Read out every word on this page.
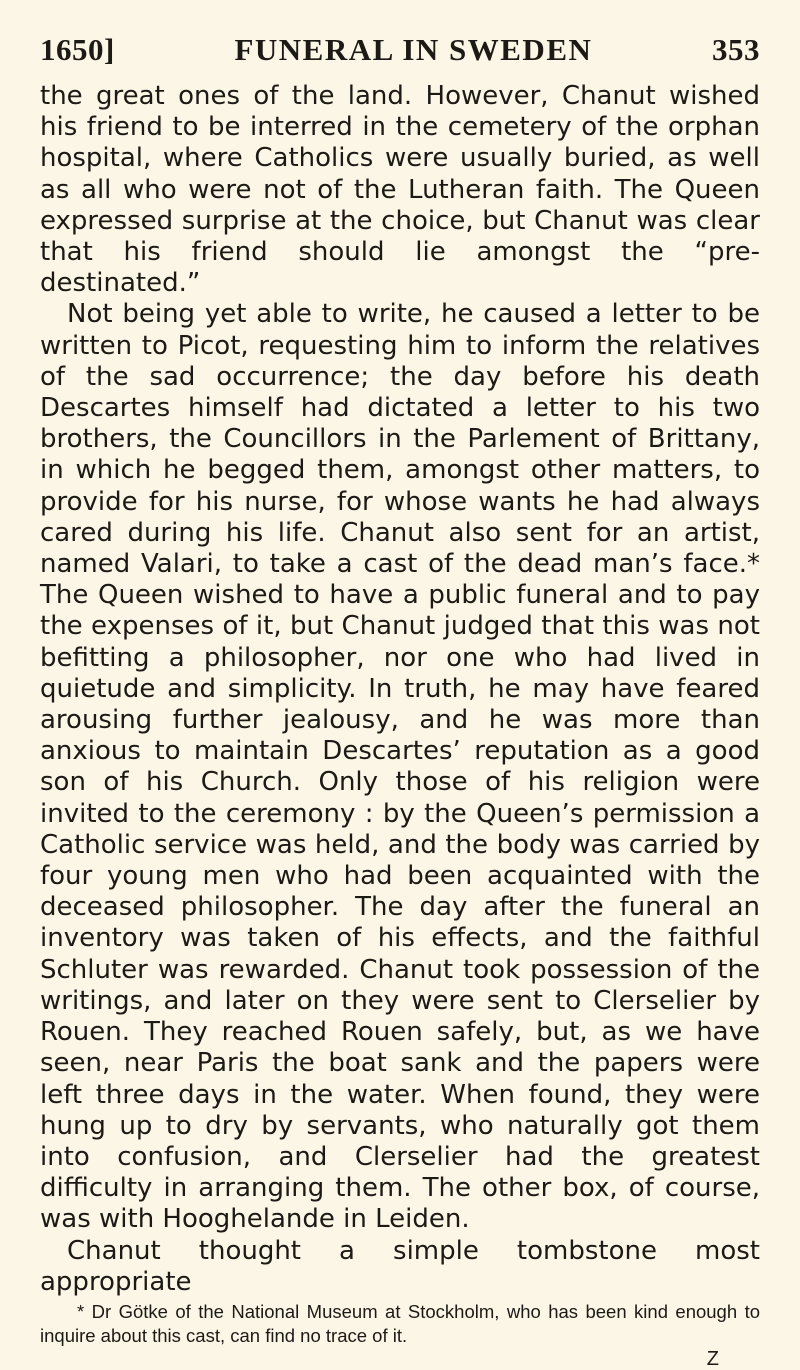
1650]	FUNERAL IN SWEDEN	353

the great ones of the land. However, Chanut wished his friend to be interred in the cemetery of the orphan hospital, where Catholics were usually buried, as well as all who were not of the Lutheran faith. The Queen expressed surprise at the choice, but Chanut was clear that his friend should lie amongst the “pre-destinated.”

Not being yet able to write, he caused a letter to be written to Picot, requesting him to inform the relatives of the sad occurrence; the day before his death Descartes himself had dictated a letter to his two brothers, the Councillors in the Parlement of Brittany, in which he begged them, amongst other matters, to provide for his nurse, for whose wants he had always cared during his life. Chanut also sent for an artist, named Valari, to take a cast of the dead man’s face.* The Queen wished to have a public funeral and to pay the expenses of it, but Chanut judged that this was not befitting a philosopher, nor one who had lived in quietude and simplicity. In truth, he may have feared arousing further jealousy, and he was more than anxious to maintain Descartes’ reputation as a good son of his Church. Only those of his religion were invited to the ceremony : by the Queen’s permission a Catholic service was held, and the body was carried by four young men who had been acquainted with the deceased philosopher. The day after the funeral an inventory was taken of his effects, and the faithful Schluter was rewarded. Chanut took possession of the writings, and later on they were sent to Clerselier by Rouen. They reached Rouen safely, but, as we have seen, near Paris the boat sank and the papers were left three days in the water. When found, they were hung up to dry by servants, who naturally got them into confusion, and Clerselier had the greatest difficulty in arranging them. The other box, of course, was with Hooghelande in Leiden.

Chanut thought a simple tombstone most appropriate

* Dr Götke of the National Museum at Stockholm, who has been kind enough to inquire about this cast, can find no trace of it.

Z
